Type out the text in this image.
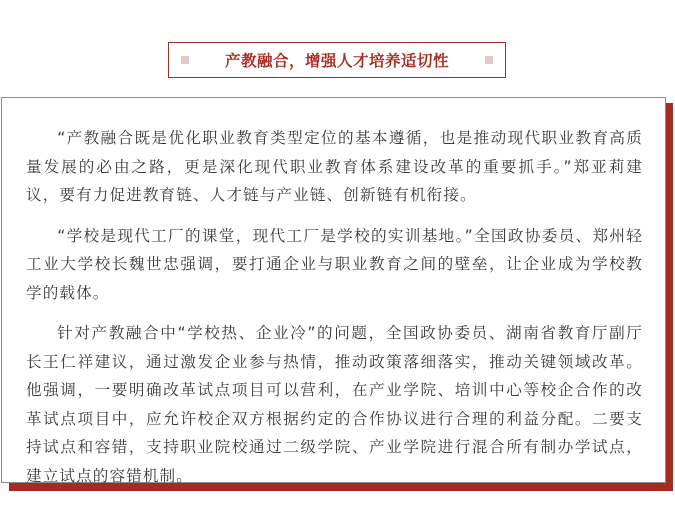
产教融合，增强人才培养适切性

“产教融合既是优化职业教育类型定位的基本遵循，也是推动现代职业教育高质量发展的必由之路，更是深化现代职业教育体系建设改革的重要抓手。”郑亚莉建议，要有力促进教育链、人才链与产业链、创新链有机衔接。

“学校是现代工厂的课堂，现代工厂是学校的实训基地。”全国政协委员、郑州轻工业大学校长魏世忠强调，要打通企业与职业教育之间的壁垒，让企业成为学校教学的载体。

针对产教融合中“学校热、企业冷”的问题，全国政协委员、湖南省教育厅副厅长王仁祥建议，通过激发企业参与热情，推动政策落细落实，推动关键领域改革。他强调，一要明确改革试点项目可以营利，在产业学院、培训中心等校企合作的改革试点项目中，应允许校企双方根据约定的合作协议进行合理的利益分配。二要支持试点和容错，支持职业院校通过二级学院、产业学院进行混合所有制办学试点，建立试点的容错机制。
